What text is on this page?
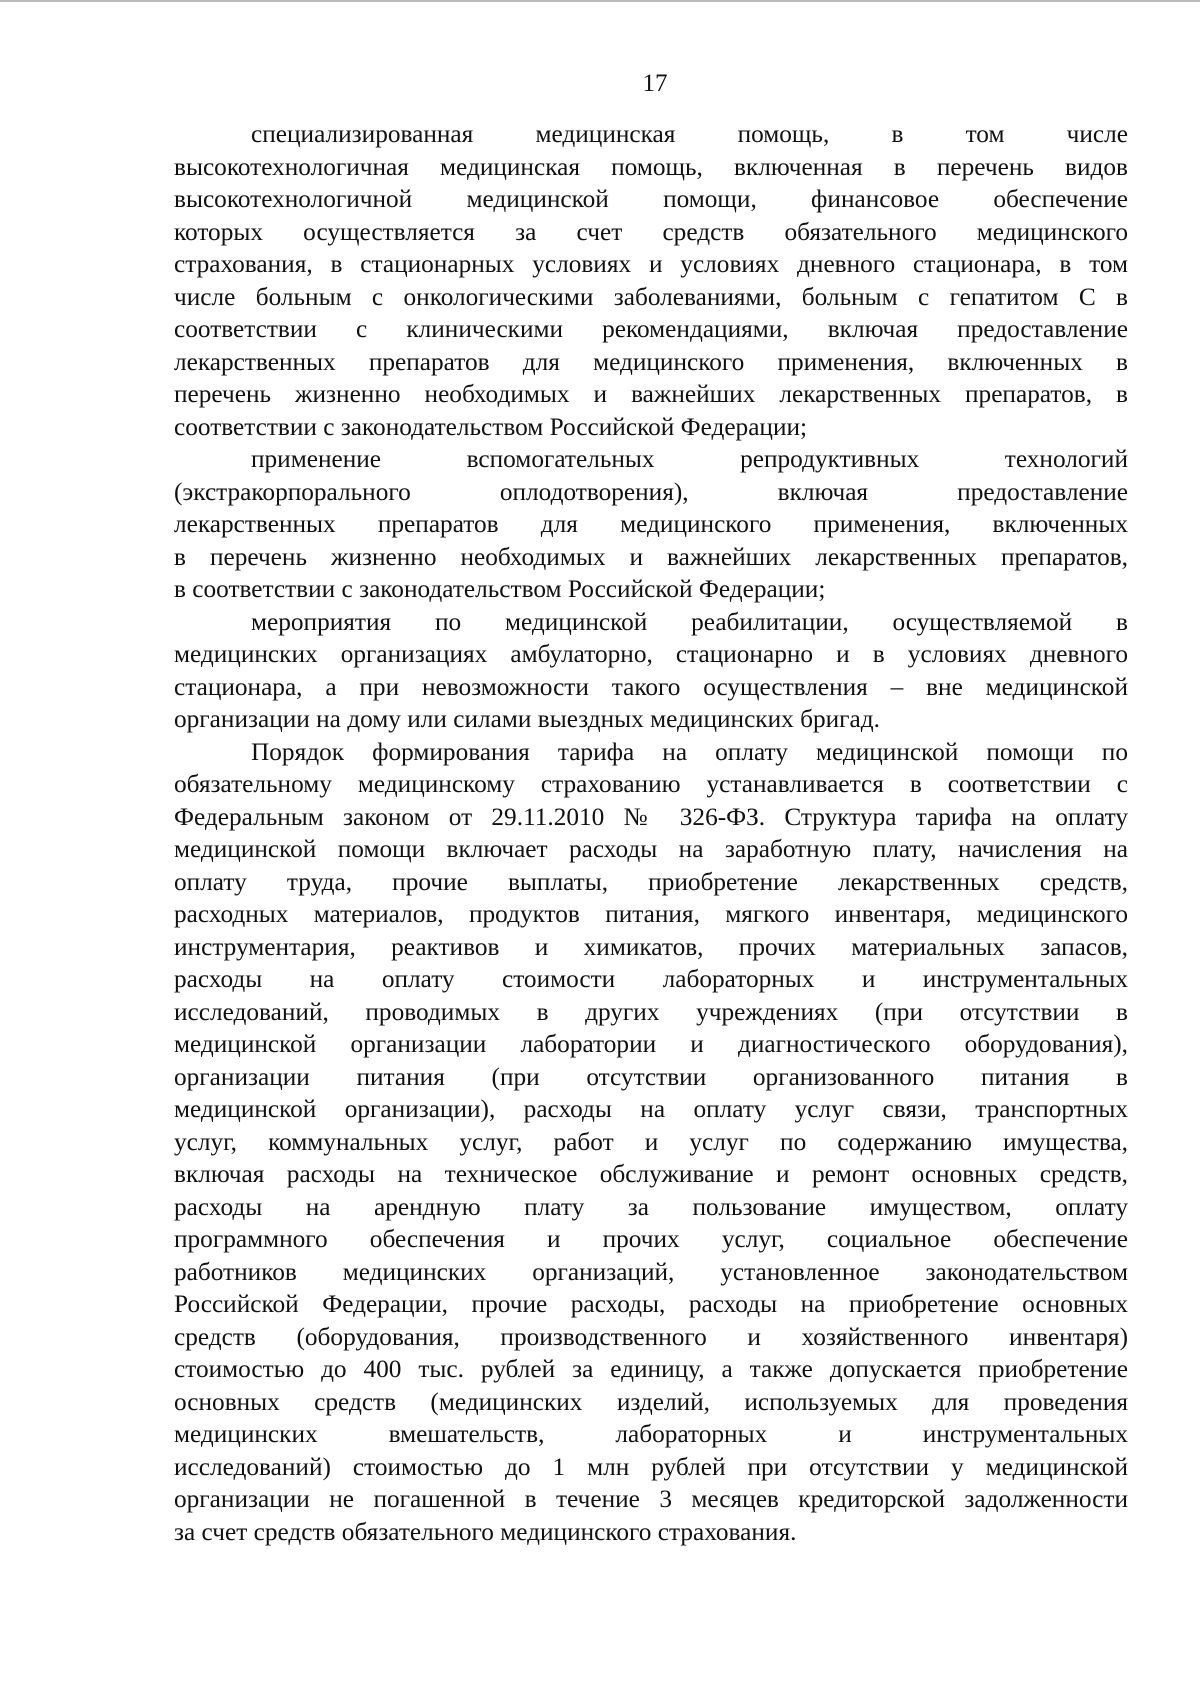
17
специализированная медицинская помощь, в том числе
высокотехнологичная медицинская помощь, включенная в перечень видов
высокотехнологичной медицинской помощи, финансовое обеспечение
которых осуществляется за счет средств обязательного медицинского
страхования, в стационарных условиях и условиях дневного стационара, в том
числе больным с онкологическими заболеваниями, больным с гепатитом С в
соответствии с клиническими рекомендациями, включая предоставление
лекарственных препаратов для медицинского применения, включенных в
перечень жизненно необходимых и важнейших лекарственных препаратов, в
соответствии с законодательством Российской Федерации;
применение вспомогательных репродуктивных технологий
(экстракорпорального оплодотворения), включая предоставление
лекарственных препаратов для медицинского применения, включенных
в перечень жизненно необходимых и важнейших лекарственных препаратов,
в соответствии с законодательством Российской Федерации;
мероприятия по медицинской реабилитации, осуществляемой в
медицинских организациях амбулаторно, стационарно и в условиях дневного
стационара, а при невозможности такого осуществления – вне медицинской
организации на дому или силами выездных медицинских бригад.
Порядок формирования тарифа на оплату медицинской помощи по
обязательному медицинскому страхованию устанавливается в соответствии с
Федеральным законом от 29.11.2010 № 326-ФЗ. Структура тарифа на оплату
медицинской помощи включает расходы на заработную плату, начисления на
оплату труда, прочие выплаты, приобретение лекарственных средств,
расходных материалов, продуктов питания, мягкого инвентаря, медицинского
инструментария, реактивов и химикатов, прочих материальных запасов,
расходы на оплату стоимости лабораторных и инструментальных
исследований, проводимых в других учреждениях (при отсутствии в
медицинской организации лаборатории и диагностического оборудования),
организации питания (при отсутствии организованного питания в
медицинской организации), расходы на оплату услуг связи, транспортных
услуг, коммунальных услуг, работ и услуг по содержанию имущества,
включая расходы на техническое обслуживание и ремонт основных средств,
расходы на арендную плату за пользование имуществом, оплату
программного обеспечения и прочих услуг, социальное обеспечение
работников медицинских организаций, установленное законодательством
Российской Федерации, прочие расходы, расходы на приобретение основных
средств (оборудования, производственного и хозяйственного инвентаря)
стоимостью до 400 тыс. рублей за единицу, а также допускается приобретение
основных средств (медицинских изделий, используемых для проведения
медицинских вмешательств, лабораторных и инструментальных
исследований) стоимостью до 1 млн рублей при отсутствии у медицинской
организации не погашенной в течение 3 месяцев кредиторской задолженности
за счет средств обязательного медицинского страхования.
